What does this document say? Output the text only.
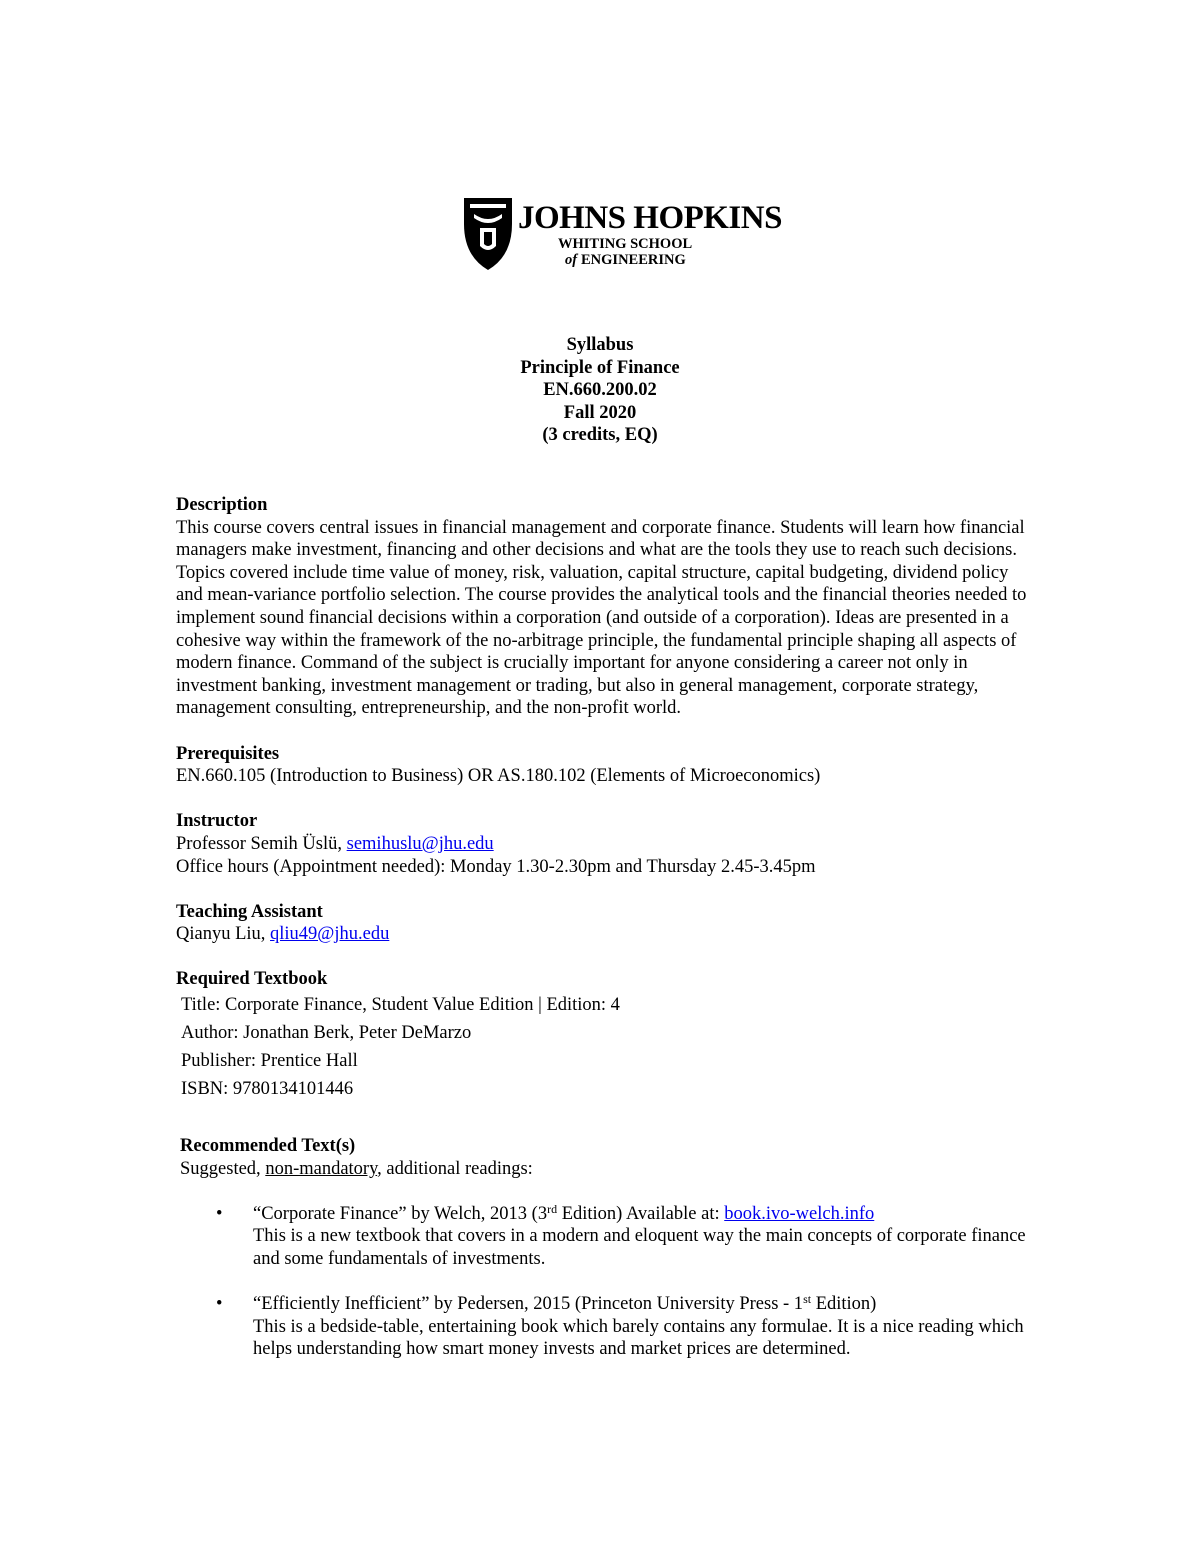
JOHNS HOPKINS
WHITING SCHOOL
of ENGINEERING
Syllabus
Principle of Finance
EN.660.200.02
Fall 2020
(3 credits, EQ)
Description
This course covers central issues in financial management and corporate finance. Students will learn how financial managers make investment, financing and other decisions and what are the tools they use to reach such decisions. Topics covered include time value of money, risk, valuation, capital structure, capital budgeting, dividend policy and mean-variance portfolio selection. The course provides the analytical tools and the financial theories needed to implement sound financial decisions within a corporation (and outside of a corporation). Ideas are presented in a cohesive way within the framework of the no-arbitrage principle, the fundamental principle shaping all aspects of modern finance. Command of the subject is crucially important for anyone considering a career not only in investment banking, investment management or trading, but also in general management, corporate strategy, management consulting, entrepreneurship, and the non-profit world.
Prerequisites
EN.660.105 (Introduction to Business) OR AS.180.102 (Elements of Microeconomics)
Instructor
Professor Semih Üslü, semihuslu@jhu.edu
Office hours (Appointment needed): Monday 1.30-2.30pm and Thursday 2.45-3.45pm
Teaching Assistant
Qianyu Liu, qliu49@jhu.edu
Required Textbook
Title: Corporate Finance, Student Value Edition | Edition: 4
Author: Jonathan Berk, Peter DeMarzo
Publisher: Prentice Hall
ISBN: 9780134101446
Recommended Text(s)
Suggested, non-mandatory, additional readings:
• “Corporate Finance” by Welch, 2013 (3rd Edition) Available at: book.ivo-welch.info
This is a new textbook that covers in a modern and eloquent way the main concepts of corporate finance and some fundamentals of investments.
• “Efficiently Inefficient” by Pedersen, 2015 (Princeton University Press - 1st Edition)
This is a bedside-table, entertaining book which barely contains any formulae. It is a nice reading which helps understanding how smart money invests and market prices are determined.
